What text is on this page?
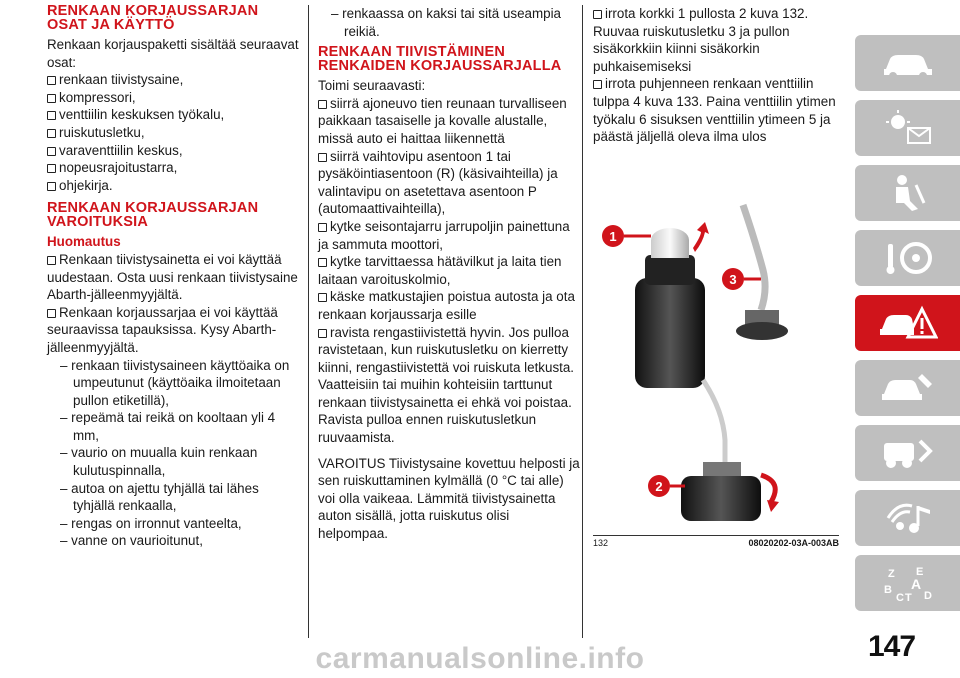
RENKAAN KORJAUSSARJAN OSAT JA KÄYTTÖ

Renkaan korjauspaketti sisältää seuraavat osat:

renkaan tiivistysaine,

kompressori,

venttiilin keskuksen työkalu,

ruiskutusletku,

varaventtiilin keskus,

nopeusrajoitustarra,

ohjekirja.

RENKAAN KORJAUSSARJAN VAROITUKSIA

Huomautus

Renkaan tiivistysainetta ei voi käyttää uudestaan. Osta uusi renkaan tiivistysaine Abarth-jälleenmyyjältä.

Renkaan korjaussarjaa ei voi käyttää seuraavissa tapauksissa. Kysy Abarth-jälleenmyyjältä.

– renkaan tiivistysaineen käyttöaika on umpeutunut (käyttöaika ilmoitetaan pullon etiketillä),

– repeämä tai reikä on kooltaan yli 4 mm,

– vaurio on muualla kuin renkaan kulutuspinnalla,

– autoa on ajettu tyhjällä tai lähes tyhjällä renkaalla,

– rengas on irronnut vanteelta,

– vanne on vaurioitunut,

– renkaassa on kaksi tai sitä useampia reikiä.

RENKAAN TIIVISTÄMINEN RENKAIDEN KORJAUSSARJALLA

Toimi seuraavasti:

siirrä ajoneuvo tien reunaan turvalliseen paikkaan tasaiselle ja kovalle alustalle, missä auto ei haittaa liikennettä

siirrä vaihtovipu asentoon 1 tai pysäköintiasentoon (R) (käsivaihteilla) ja valintavipu on asetettava asentoon P (automaattivaihteilla),

kytke seisontajarru jarrupoljin painettuna ja sammuta moottori,

kytke tarvittaessa hätävilkut ja laita tien laitaan varoituskolmio,

käske matkustajien poistua autosta ja ota renkaan korjaussarja esille

ravista rengastiivistettä hyvin. Jos pulloa ravistetaan, kun ruiskutusletku on kierretty kiinni, rengastiivistettä voi ruiskuta letkusta. Vaatteisiin tai muihin kohteisiin tarttunut renkaan tiivistysainetta ei ehkä voi poistaa. Ravista pulloa ennen ruiskutusletkun ruuvaamista.

VAROITUS Tiivistysaine kovettuu helposti ja sen ruiskuttaminen kylmällä (0 °C tai alle) voi olla vaikeaa. Lämmitä tiivistysainetta auton sisällä, jotta ruiskutus olisi helpompaa.

irrota korkki 1 pullosta 2 kuva 132. Ruuvaa ruiskutusletku 3 ja pullon sisäkorkkiin kiinni sisäkorkin puhkaisemiseksi

irrota puhjenneen renkaan venttiilin tulppa 4 kuva 133. Paina venttiilin ytimen työkalu 6 sisuksen venttiilin ytimeen 5 ja päästä jäljellä oleva ilma ulos

1
3
2
132	08020202-03A-003AB
Z E
A
B
C T D
carmanualsonline.info	147
